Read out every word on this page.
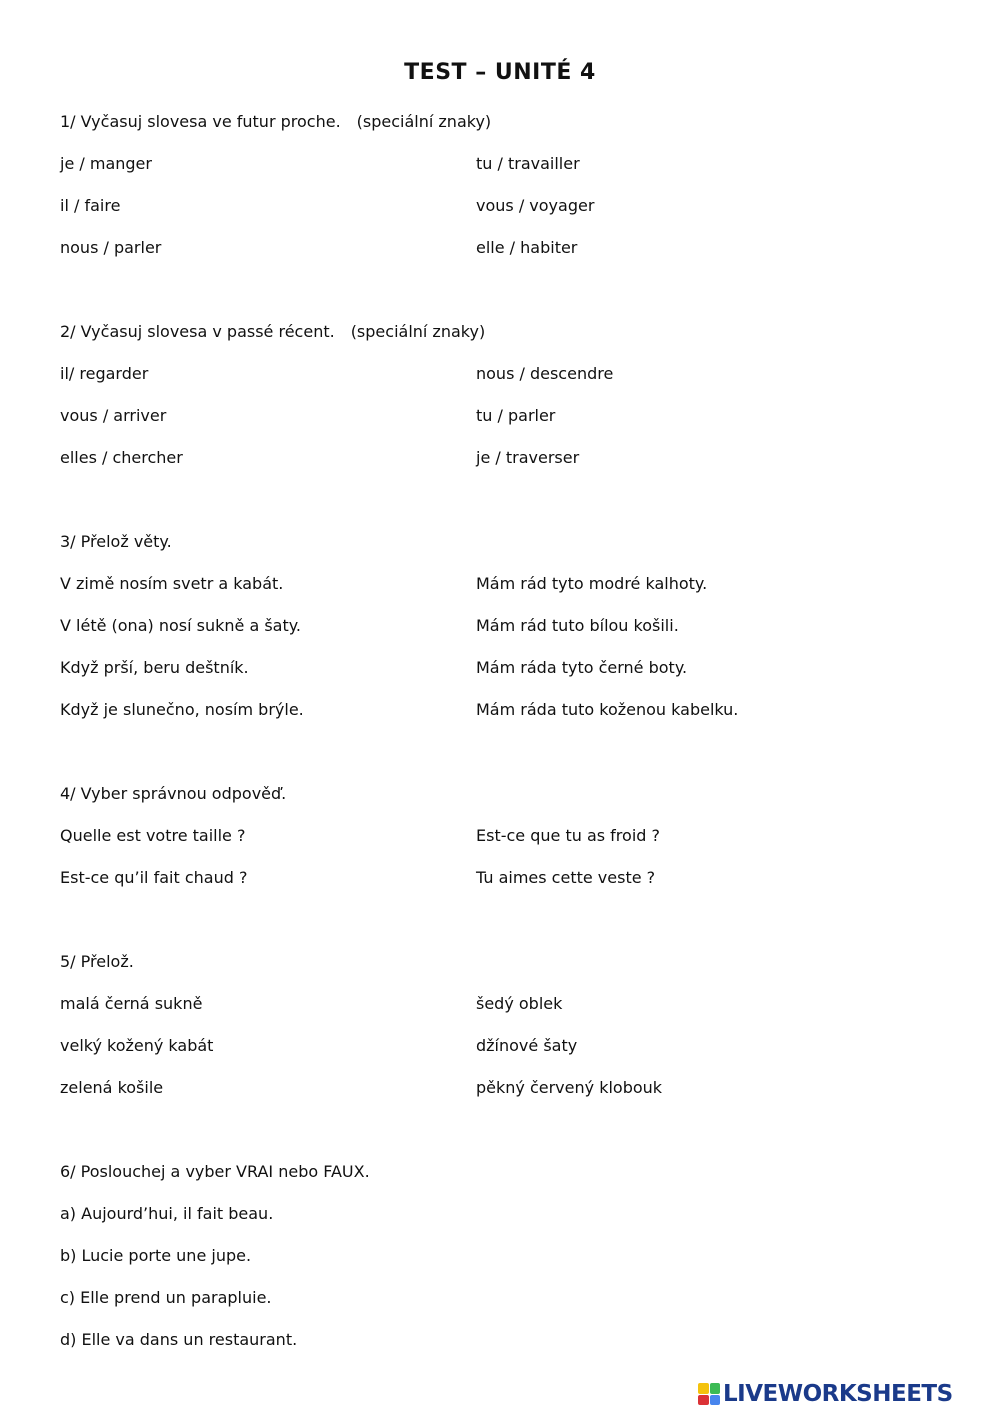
TEST – UNITÉ 4
1/ Vyčasuj slovesa ve futur proche. (speciální znaky)
je / manger	tu / travailler
il / faire	vous / voyager
nous / parler	elle / habiter
2/ Vyčasuj slovesa v passé récent. (speciální znaky)
il/ regarder	nous / descendre
vous / arriver	tu / parler
elles / chercher	je / traverser
3/ Přelož věty.
V zimě nosím svetr a kabát.	Mám rád tyto modré kalhoty.
V létě (ona) nosí sukně a šaty.	Mám rád tuto bílou košili.
Když prší, beru deštník.	Mám ráda tyto černé boty.
Když je slunečno, nosím brýle.	Mám ráda tuto koženou kabelku.
4/ Vyber správnou odpověď.
Quelle est votre taille ?	Est-ce que tu as froid ?
Est-ce qu’il fait chaud ?	Tu aimes cette veste ?
5/ Přelož.
malá černá sukně	šedý oblek
velký kožený kabát	džínové šaty
zelená košile	pěkný červený klobouk
6/ Poslouchej a vyber VRAI nebo FAUX.
a) Aujourd’hui, il fait beau.
b) Lucie porte une jupe.
c) Elle prend un parapluie.
d) Elle va dans un restaurant.
LIVEWORKSHEETS
